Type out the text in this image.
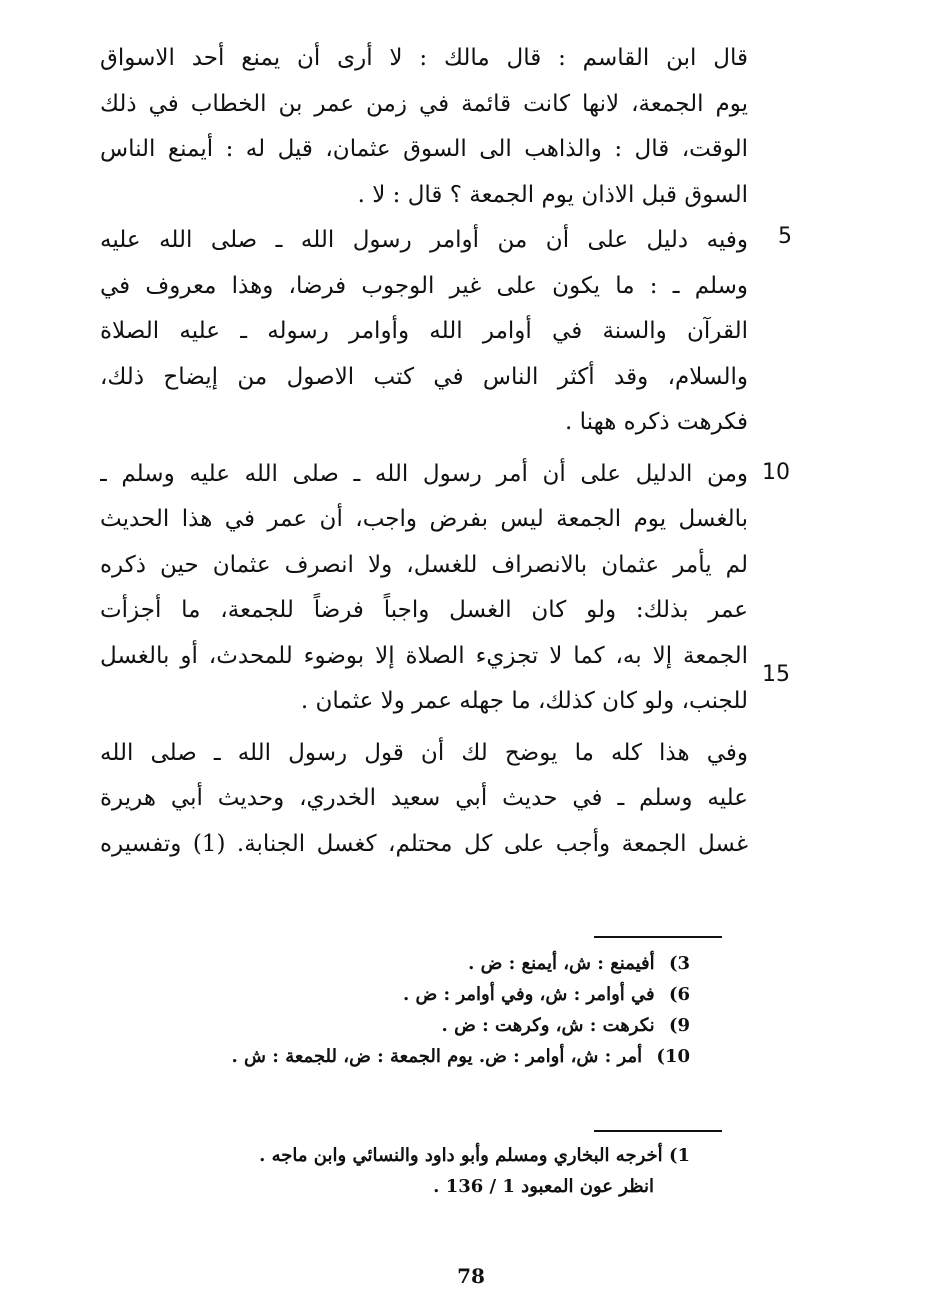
قال ابن القاسم : قال مالك : لا أرى أن يمنع أحد الاسواق
يوم الجمعة، لانها كانت قائمة في زمن عمر بن الخطاب في ذلك
الوقت، قال : والذاهب الى السوق عثمان، قيل له : أيمنع الناس
السوق قبل الاذان يوم الجمعة ؟ قال : لا .
وفيه دليل على أن من أوامر رسول الله ـ صلى الله عليه
وسلم ـ : ما يكون على غير الوجوب فرضا، وهذا معروف في
القرآن والسنة في أوامر الله وأوامر رسوله ـ عليه الصلاة
والسلام، وقد أكثر الناس في كتب الاصول من إيضاح ذلك،
فكرهت ذكره ههنا .
ومن الدليل على أن أمر رسول الله ـ صلى الله عليه وسلم ـ
بالغسل يوم الجمعة ليس بفرض واجب، أن عمر في هذا الحديث
لم يأمر عثمان بالانصراف للغسل، ولا انصرف عثمان حين ذكره
عمر بذلك: ولو كان الغسل واجباً فرضاً للجمعة، ما أجزأت
الجمعة إلا به، كما لا تجزيء الصلاة إلا بوضوء للمحدث، أو بالغسل
للجنب، ولو كان كذلك، ما جهله عمر ولا عثمان .
وفي هذا كله ما يوضح لك أن قول رسول الله ـ صلى الله
عليه وسلم ـ في حديث أبي سعيد الخدري، وحديث أبي هريرة
غسل الجمعة وأجب على كل محتلم، كغسل الجنابة. (1) وتفسيره
5
10
15
3) أفيمنع : ش، أيمنع : ض .
6) في أوامر : ش، وفي أوامر : ض .
9) نكرهت : ش، وكرهت : ض .
10) أمر : ش، أوامر : ض. يوم الجمعة : ض، للجمعة : ش .
1) أخرجه البخاري ومسلم وأبو داود والنسائي وابن ماجه .
انظر عون المعبود 1 / 136 .
78
